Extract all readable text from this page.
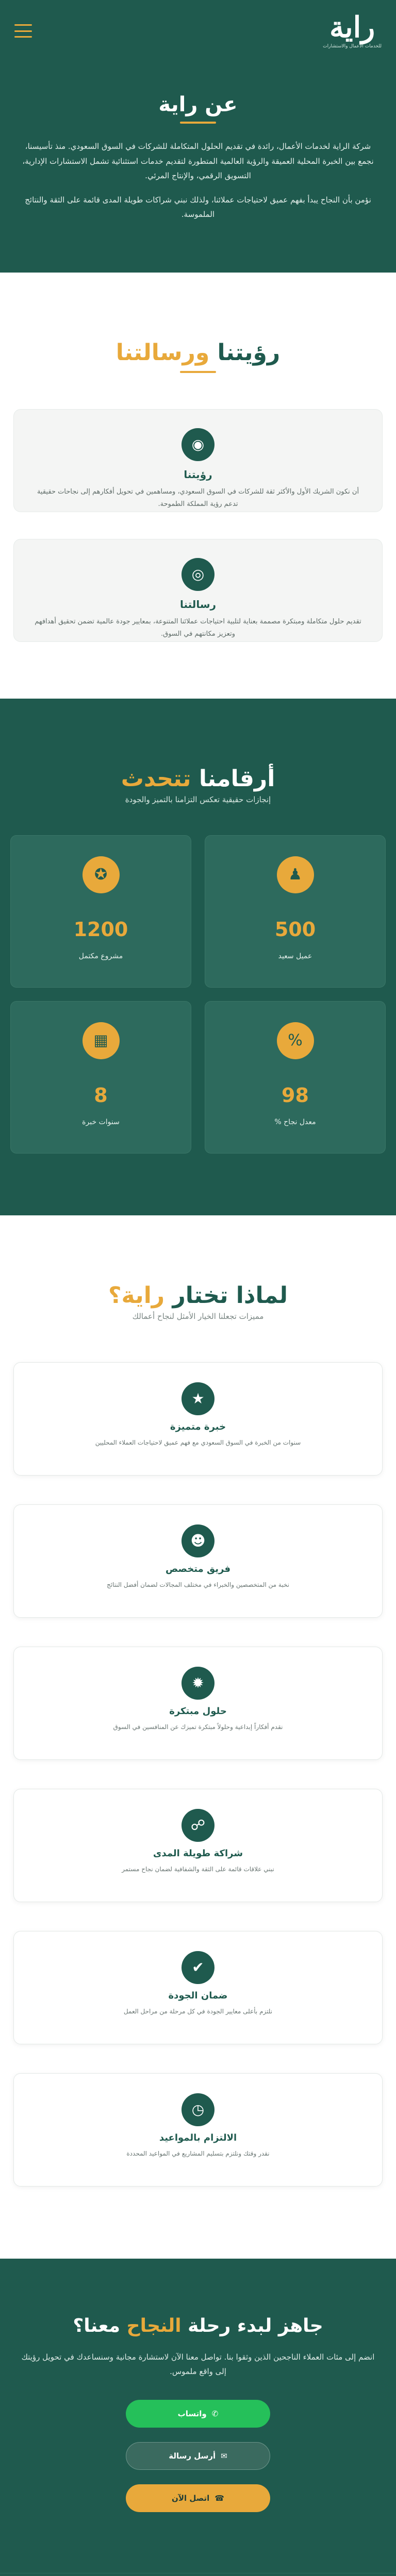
راية
للخدمات الأعمال والاستشارات
عن راية

شركة الراية لخدمات الأعمال، رائدة في تقديم الحلول المتكاملة للشركات في السوق السعودي. منذ تأسيسنا، نجمع بين الخبرة المحلية العميقة والرؤية العالمية المتطورة لتقديم خدمات استثنائية تشمل الاستشارات الإدارية، التسويق الرقمي، والإنتاج المرئي.

نؤمن بأن النجاح يبدأ بفهم عميق لاحتياجات عملائنا، ولذلك نبني شراكات طويلة المدى قائمة على الثقة والنتائج الملموسة.

رؤيتنا ورسالتنا
◉
رؤيتنا

أن نكون الشريك الأول والأكثر ثقة للشركات في السوق السعودي، ومساهمين في تحويل أفكارهم إلى نجاحات حقيقية تدعم رؤية المملكة الطموحة.

◎
رسالتنا

تقديم حلول متكاملة ومبتكرة مصممة بعناية لتلبية احتياجات عملائنا المتنوعة، بمعايير جودة عالمية تضمن تحقيق أهدافهم وتعزيز مكانتهم في السوق.

أرقامنا تتحدث
إنجازات حقيقية تعكس التزامنا بالتميز والجودة
♟
500
عميل سعيد
✪
1200
مشروع مكتمل
%
98
معدل نجاح %
▦
8
سنوات خبرة
لماذا تختار راية؟
مميزات تجعلنا الخيار الأمثل لنجاح أعمالك
★
خبرة متميزة

سنوات من الخبرة في السوق السعودي مع فهم عميق لاحتياجات العملاء المحليين

☻
فريق متخصص

نخبة من المتخصصين والخبراء في مختلف المجالات لضمان أفضل النتائج

✹
حلول مبتكرة

نقدم أفكاراً إبداعية وحلولاً مبتكرة تميزك عن المنافسين في السوق

☍
شراكة طويلة المدى

نبني علاقات قائمة على الثقة والشفافية لضمان نجاح مستمر

✔
ضمان الجودة

نلتزم بأعلى معايير الجودة في كل مرحلة من مراحل العمل

◷
الالتزام بالمواعيد

نقدر وقتك ونلتزم بتسليم المشاريع في المواعيد المحددة

جاهز لبدء رحلة النجاح معنا؟

انضم إلى مئات العملاء الناجحين الذين وثقوا بنا. تواصل معنا الآن لاستشارة مجانية وسنساعدك في تحويل رؤيتك إلى واقع ملموس.

✆
واتساب
✉
أرسل رسالة
☎
اتصل الآن
